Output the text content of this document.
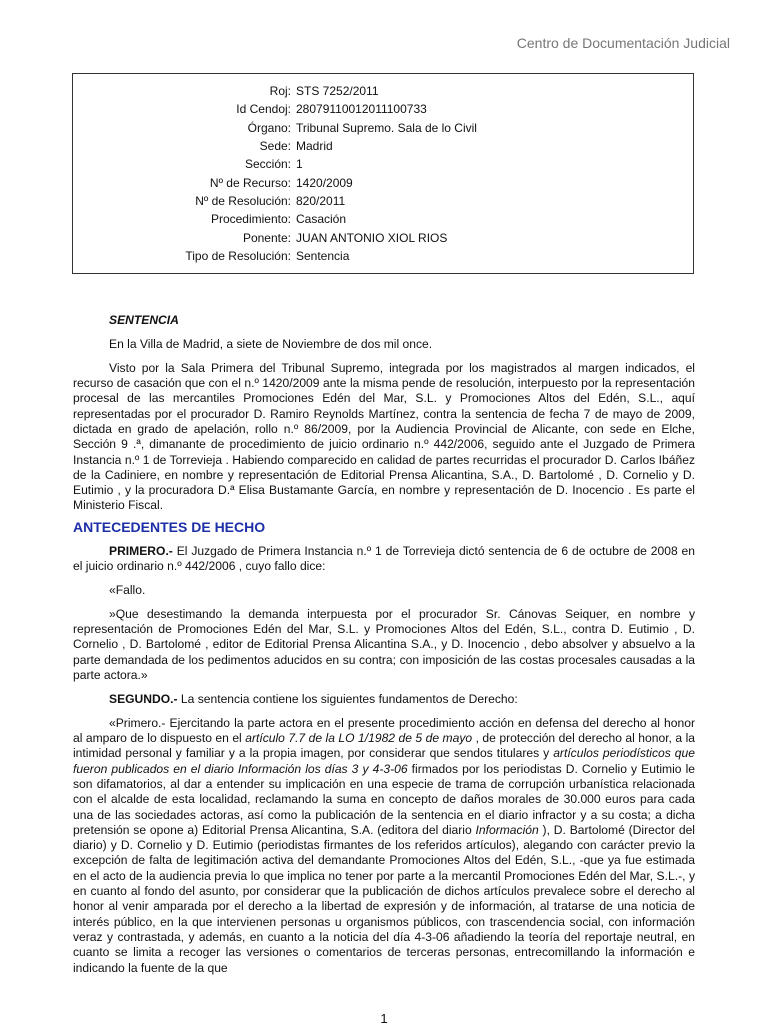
Centro de Documentación Judicial
Roj: STS 7252/2011
Id Cendoj: 28079110012011100733
Órgano: Tribunal Supremo. Sala de lo Civil
Sede: Madrid
Sección: 1
Nº de Recurso: 1420/2009
Nº de Resolución: 820/2011
Procedimiento: Casación
Ponente: JUAN ANTONIO XIOL RIOS
Tipo de Resolución: Sentencia

SENTENCIA

En la Villa de Madrid, a siete de Noviembre de dos mil once.

Visto por la Sala Primera del Tribunal Supremo, integrada por los magistrados al margen indicados, el recurso de casación que con el n.º 1420/2009 ante la misma pende de resolución, interpuesto por la representación procesal de las mercantiles Promociones Edén del Mar, S.L. y Promociones Altos del Edén, S.L., aquí representadas por el procurador D. Ramiro Reynolds Martínez, contra la sentencia de fecha 7 de mayo de 2009, dictada en grado de apelación, rollo n.º 86/2009, por la Audiencia Provincial de Alicante, con sede en Elche, Sección 9 .ª, dimanante de procedimiento de juicio ordinario n.º 442/2006, seguido ante el Juzgado de Primera Instancia n.º 1 de Torrevieja . Habiendo comparecido en calidad de partes recurridas el procurador D. Carlos Ibáñez de la Cadiniere, en nombre y representación de Editorial Prensa Alicantina, S.A., D. Bartolomé , D. Cornelio y D. Eutimio , y la procuradora D.ª Elisa Bustamante García, en nombre y representación de D. Inocencio . Es parte el Ministerio Fiscal.

ANTECEDENTES DE HECHO

PRIMERO.- El Juzgado de Primera Instancia n.º 1 de Torrevieja dictó sentencia de 6 de octubre de 2008 en el juicio ordinario n.º 442/2006 , cuyo fallo dice:

«Fallo.

»Que desestimando la demanda interpuesta por el procurador Sr. Cánovas Seiquer, en nombre y representación de Promociones Edén del Mar, S.L. y Promociones Altos del Edén, S.L., contra D. Eutimio , D. Cornelio , D. Bartolomé , editor de Editorial Prensa Alicantina S.A., y D. Inocencio , debo absolver y absuelvo a la parte demandada de los pedimentos aducidos en su contra; con imposición de las costas procesales causadas a la parte actora.»

SEGUNDO.- La sentencia contiene los siguientes fundamentos de Derecho:

«Primero.- Ejercitando la parte actora en el presente procedimiento acción en defensa del derecho al honor al amparo de lo dispuesto en el artículo 7.7 de la LO 1/1982 de 5 de mayo , de protección del derecho al honor, a la intimidad personal y familiar y a la propia imagen, por considerar que sendos titulares y artículos periodísticos que fueron publicados en el diario Información los días 3 y 4-3-06 firmados por los periodistas D. Cornelio y Eutimio le son difamatorios, al dar a entender su implicación en una especie de trama de corrupción urbanística relacionada con el alcalde de esta localidad, reclamando la suma en concepto de daños morales de 30.000 euros para cada una de las sociedades actoras, así como la publicación de la sentencia en el diario infractor y a su costa; a dicha pretensión se opone a) Editorial Prensa Alicantina, S.A. (editora del diario Información ), D. Bartolomé (Director del diario) y D. Cornelio y D. Eutimio (periodistas firmantes de los referidos artículos), alegando con carácter previo la excepción de falta de legitimación activa del demandante Promociones Altos del Edén, S.L., -que ya fue estimada en el acto de la audiencia previa lo que implica no tener por parte a la mercantil Promociones Edén del Mar, S.L.-, y en cuanto al fondo del asunto, por considerar que la publicación de dichos artículos prevalece sobre el derecho al honor al venir amparada por el derecho a la libertad de expresión y de información, al tratarse de una noticia de interés público, en la que intervienen personas u organismos públicos, con trascendencia social, con información veraz y contrastada, y además, en cuanto a la noticia del día 4-3-06 añadiendo la teoría del reportaje neutral, en cuanto se limita a recoger las versiones o comentarios de terceras personas, entrecomillando la información e indicando la fuente de la que

1
